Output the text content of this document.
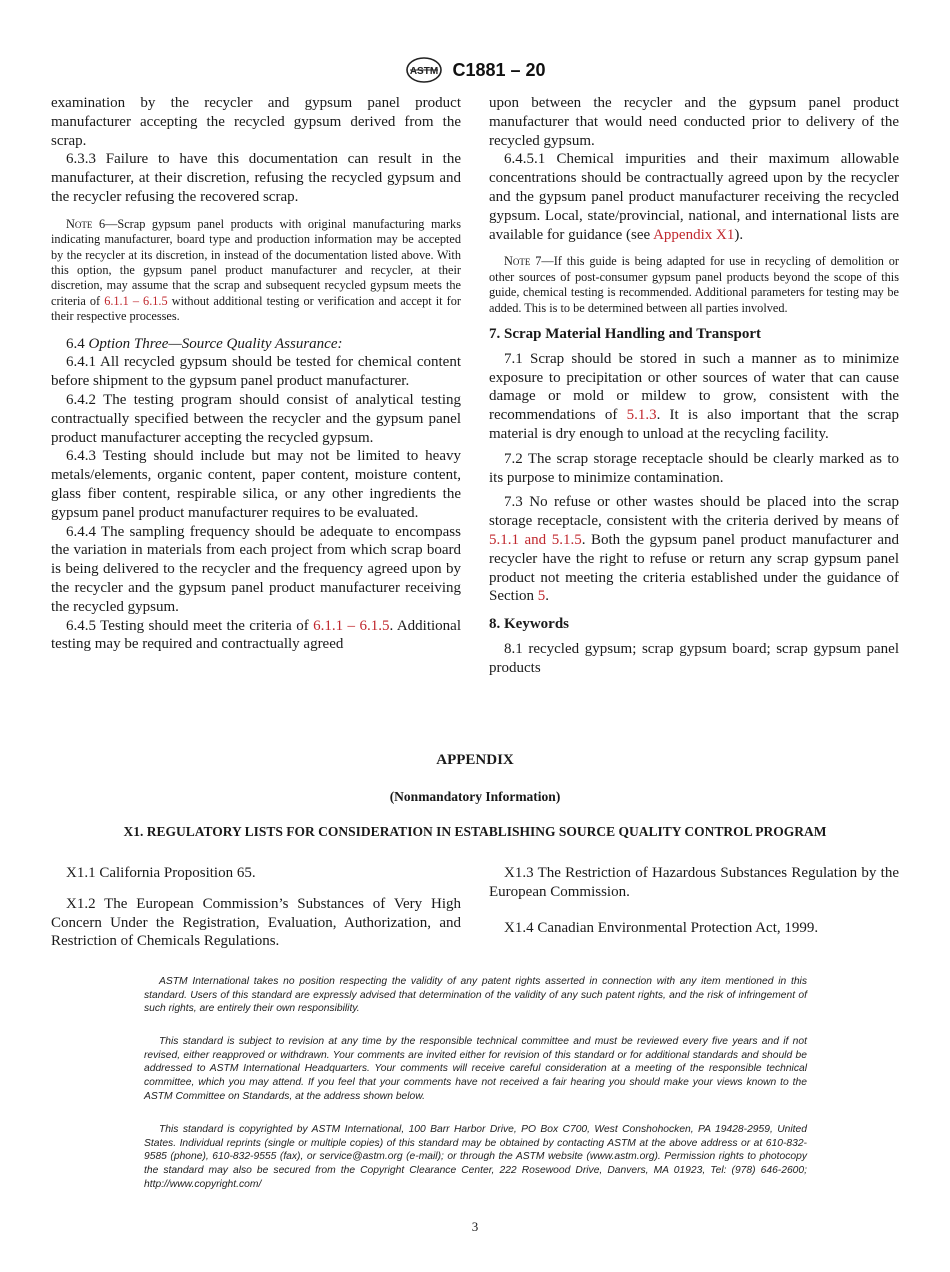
ASTM C1881 – 20

examination by the recycler and gypsum panel product manufacturer accepting the recycled gypsum derived from the scrap.

6.3.3 Failure to have this documentation can result in the manufacturer, at their discretion, refusing the recycled gypsum and the recycler refusing the recovered scrap.

Note 6—Scrap gypsum panel products with original manufacturing marks indicating manufacturer, board type and production information may be accepted by the recycler at its discretion, in instead of the documentation listed above. With this option, the gypsum panel product manufacturer and recycler, at their discretion, may assume that the scrap and subsequent recycled gypsum meets the criteria of 6.1.1 – 6.1.5 without additional testing or verification and accept it for their respective processes.

6.4 Option Three—Source Quality Assurance:

6.4.1 All recycled gypsum should be tested for chemical content before shipment to the gypsum panel product manufacturer.

6.4.2 The testing program should consist of analytical testing contractually specified between the recycler and the gypsum panel product manufacturer accepting the recycled gypsum.

6.4.3 Testing should include but may not be limited to heavy metals/elements, organic content, paper content, moisture content, glass fiber content, respirable silica, or any other ingredients the gypsum panel product manufacturer requires to be evaluated.

6.4.4 The sampling frequency should be adequate to encompass the variation in materials from each project from which scrap board is being delivered to the recycler and the frequency agreed upon by the recycler and the gypsum panel product manufacturer receiving the recycled gypsum.

6.4.5 Testing should meet the criteria of 6.1.1 – 6.1.5. Additional testing may be required and contractually agreed

upon between the recycler and the gypsum panel product manufacturer that would need conducted prior to delivery of the recycled gypsum.

6.4.5.1 Chemical impurities and their maximum allowable concentrations should be contractually agreed upon by the recycler and the gypsum panel product manufacturer receiving the recycled gypsum. Local, state/provincial, national, and international lists are available for guidance (see Appendix X1).

Note 7—If this guide is being adapted for use in recycling of demolition or other sources of post-consumer gypsum panel products beyond the scope of this guide, chemical testing is recommended. Additional parameters for testing may be added. This is to be determined between all parties involved.

7. Scrap Material Handling and Transport

7.1 Scrap should be stored in such a manner as to minimize exposure to precipitation or other sources of water that can cause damage or mold or mildew to grow, consistent with the recommendations of 5.1.3. It is also important that the scrap material is dry enough to unload at the recycling facility.

7.2 The scrap storage receptacle should be clearly marked as to its purpose to minimize contamination.

7.3 No refuse or other wastes should be placed into the scrap storage receptacle, consistent with the criteria derived by means of 5.1.1 and 5.1.5. Both the gypsum panel product manufacturer and recycler have the right to refuse or return any scrap gypsum panel product not meeting the criteria established under the guidance of Section 5.

8. Keywords

8.1 recycled gypsum; scrap gypsum board; scrap gypsum panel products

APPENDIX
(Nonmandatory Information)
X1. REGULATORY LISTS FOR CONSIDERATION IN ESTABLISHING SOURCE QUALITY CONTROL PROGRAM

X1.1 California Proposition 65.

X1.2 The European Commission’s Substances of Very High Concern Under the Registration, Evaluation, Authorization, and Restriction of Chemicals Regulations.

X1.3 The Restriction of Hazardous Substances Regulation by the European Commission.

X1.4 Canadian Environmental Protection Act, 1999.

ASTM International takes no position respecting the validity of any patent rights asserted in connection with any item mentioned in this standard. Users of this standard are expressly advised that determination of the validity of any such patent rights, and the risk of infringement of such rights, are entirely their own responsibility.

This standard is subject to revision at any time by the responsible technical committee and must be reviewed every five years and if not revised, either reapproved or withdrawn. Your comments are invited either for revision of this standard or for additional standards and should be addressed to ASTM International Headquarters. Your comments will receive careful consideration at a meeting of the responsible technical committee, which you may attend. If you feel that your comments have not received a fair hearing you should make your views known to the ASTM Committee on Standards, at the address shown below.

This standard is copyrighted by ASTM International, 100 Barr Harbor Drive, PO Box C700, West Conshohocken, PA 19428-2959, United States. Individual reprints (single or multiple copies) of this standard may be obtained by contacting ASTM at the above address or at 610-832-9585 (phone), 610-832-9555 (fax), or service@astm.org (e-mail); or through the ASTM website (www.astm.org). Permission rights to photocopy the standard may also be secured from the Copyright Clearance Center, 222 Rosewood Drive, Danvers, MA 01923, Tel: (978) 646-2600; http://www.copyright.com/

3
